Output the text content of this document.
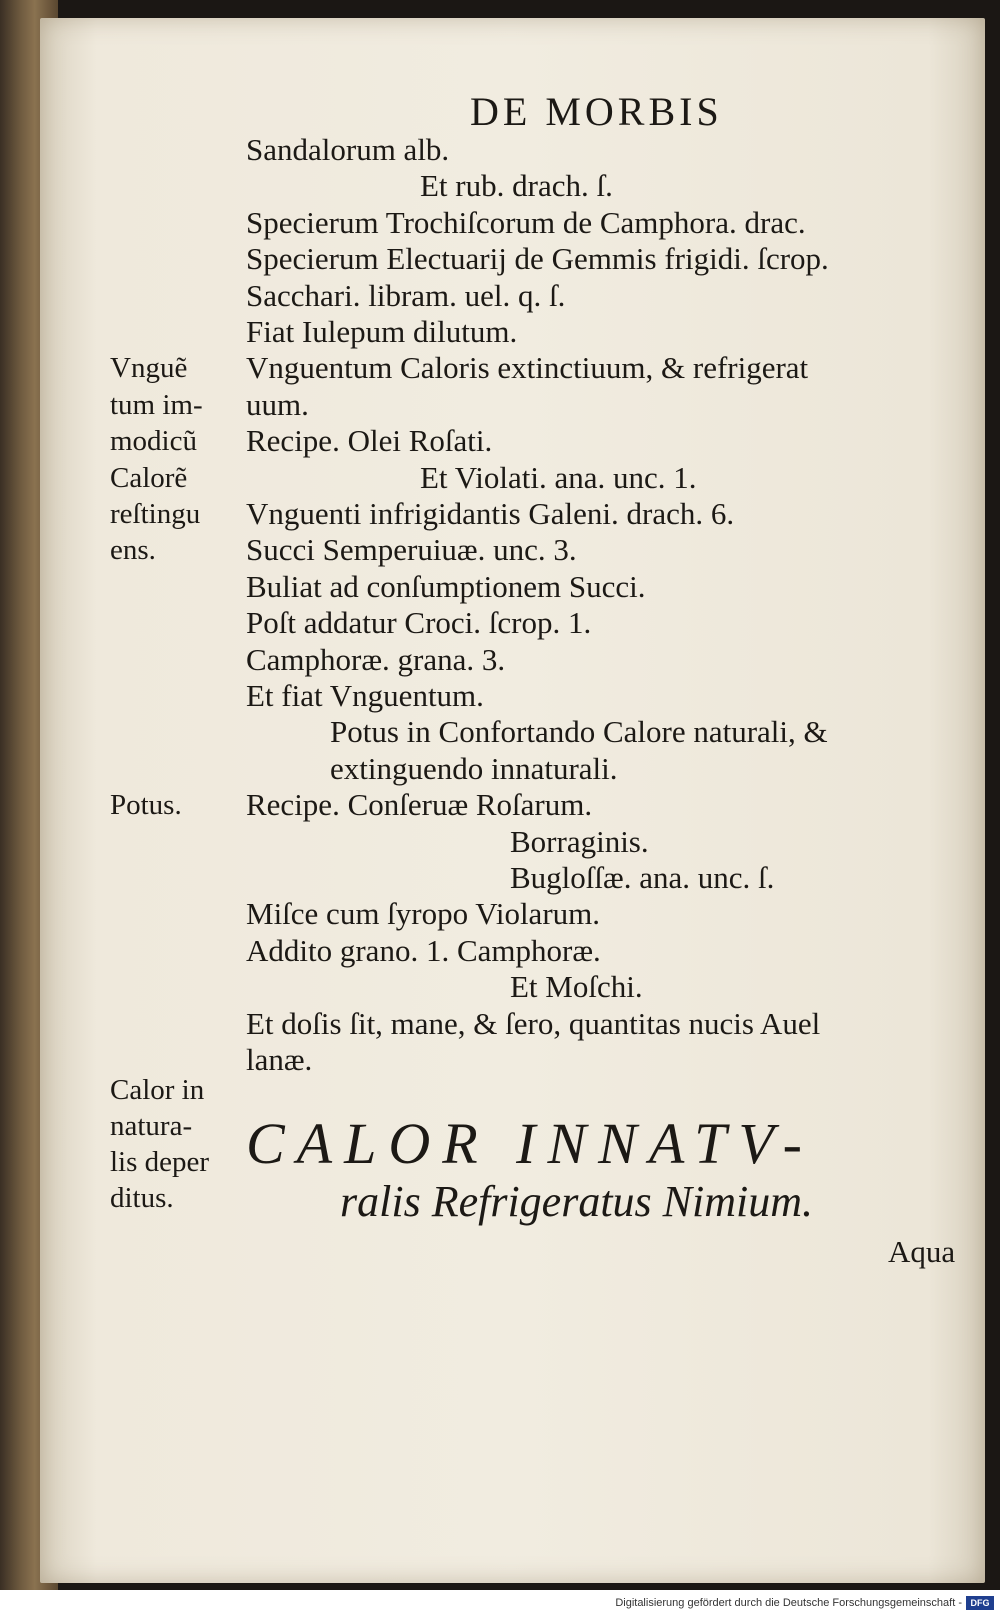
DE MORBIS
Sandalorum alb.
Et rub. drach. ſ.
Specierum Trochiſcorum de Camphora. drac.
Specierum Electuarij de Gemmis frigidi. ſcrop.
Sacchari. libram. uel. q. ſ.
Fiat Iulepum dilutum.
Vnguentum Caloris extinctiuum, & refrigerat
uum.
Recipe. Olei Roſati.
Et Violati. ana. unc. 1.
Vnguenti infrigidantis Galeni. drach. 6.
Succi Semperuiuæ. unc. 3.
Buliat ad conſumptionem Succi.
Poſt addatur Croci. ſcrop. 1.
Camphoræ. grana. 3.
Et fiat Vnguentum.
Potus in Confortando Calore naturali, &
extinguendo innaturali.
Recipe. Conſeruæ Roſarum.
Borraginis.
Bugloſſæ. ana. unc. ſ.
Miſce cum ſyropo Violarum.
Addito grano. 1. Camphoræ.
Et Moſchi.
Et doſis ſit, mane, & ſero, quantitas nucis Auel
lanæ.
Vnguẽ
tum im-
modicũ
Calorẽ
reſtingu
ens.
Potus.
Calor in
natura-
lis deper
ditus.
CALOR INNATV-
ralis Refrigeratus Nimium.
Aqua
Digitalisierung gefördert durch die Deutsche Forschungsgemeinschaft - DFG
